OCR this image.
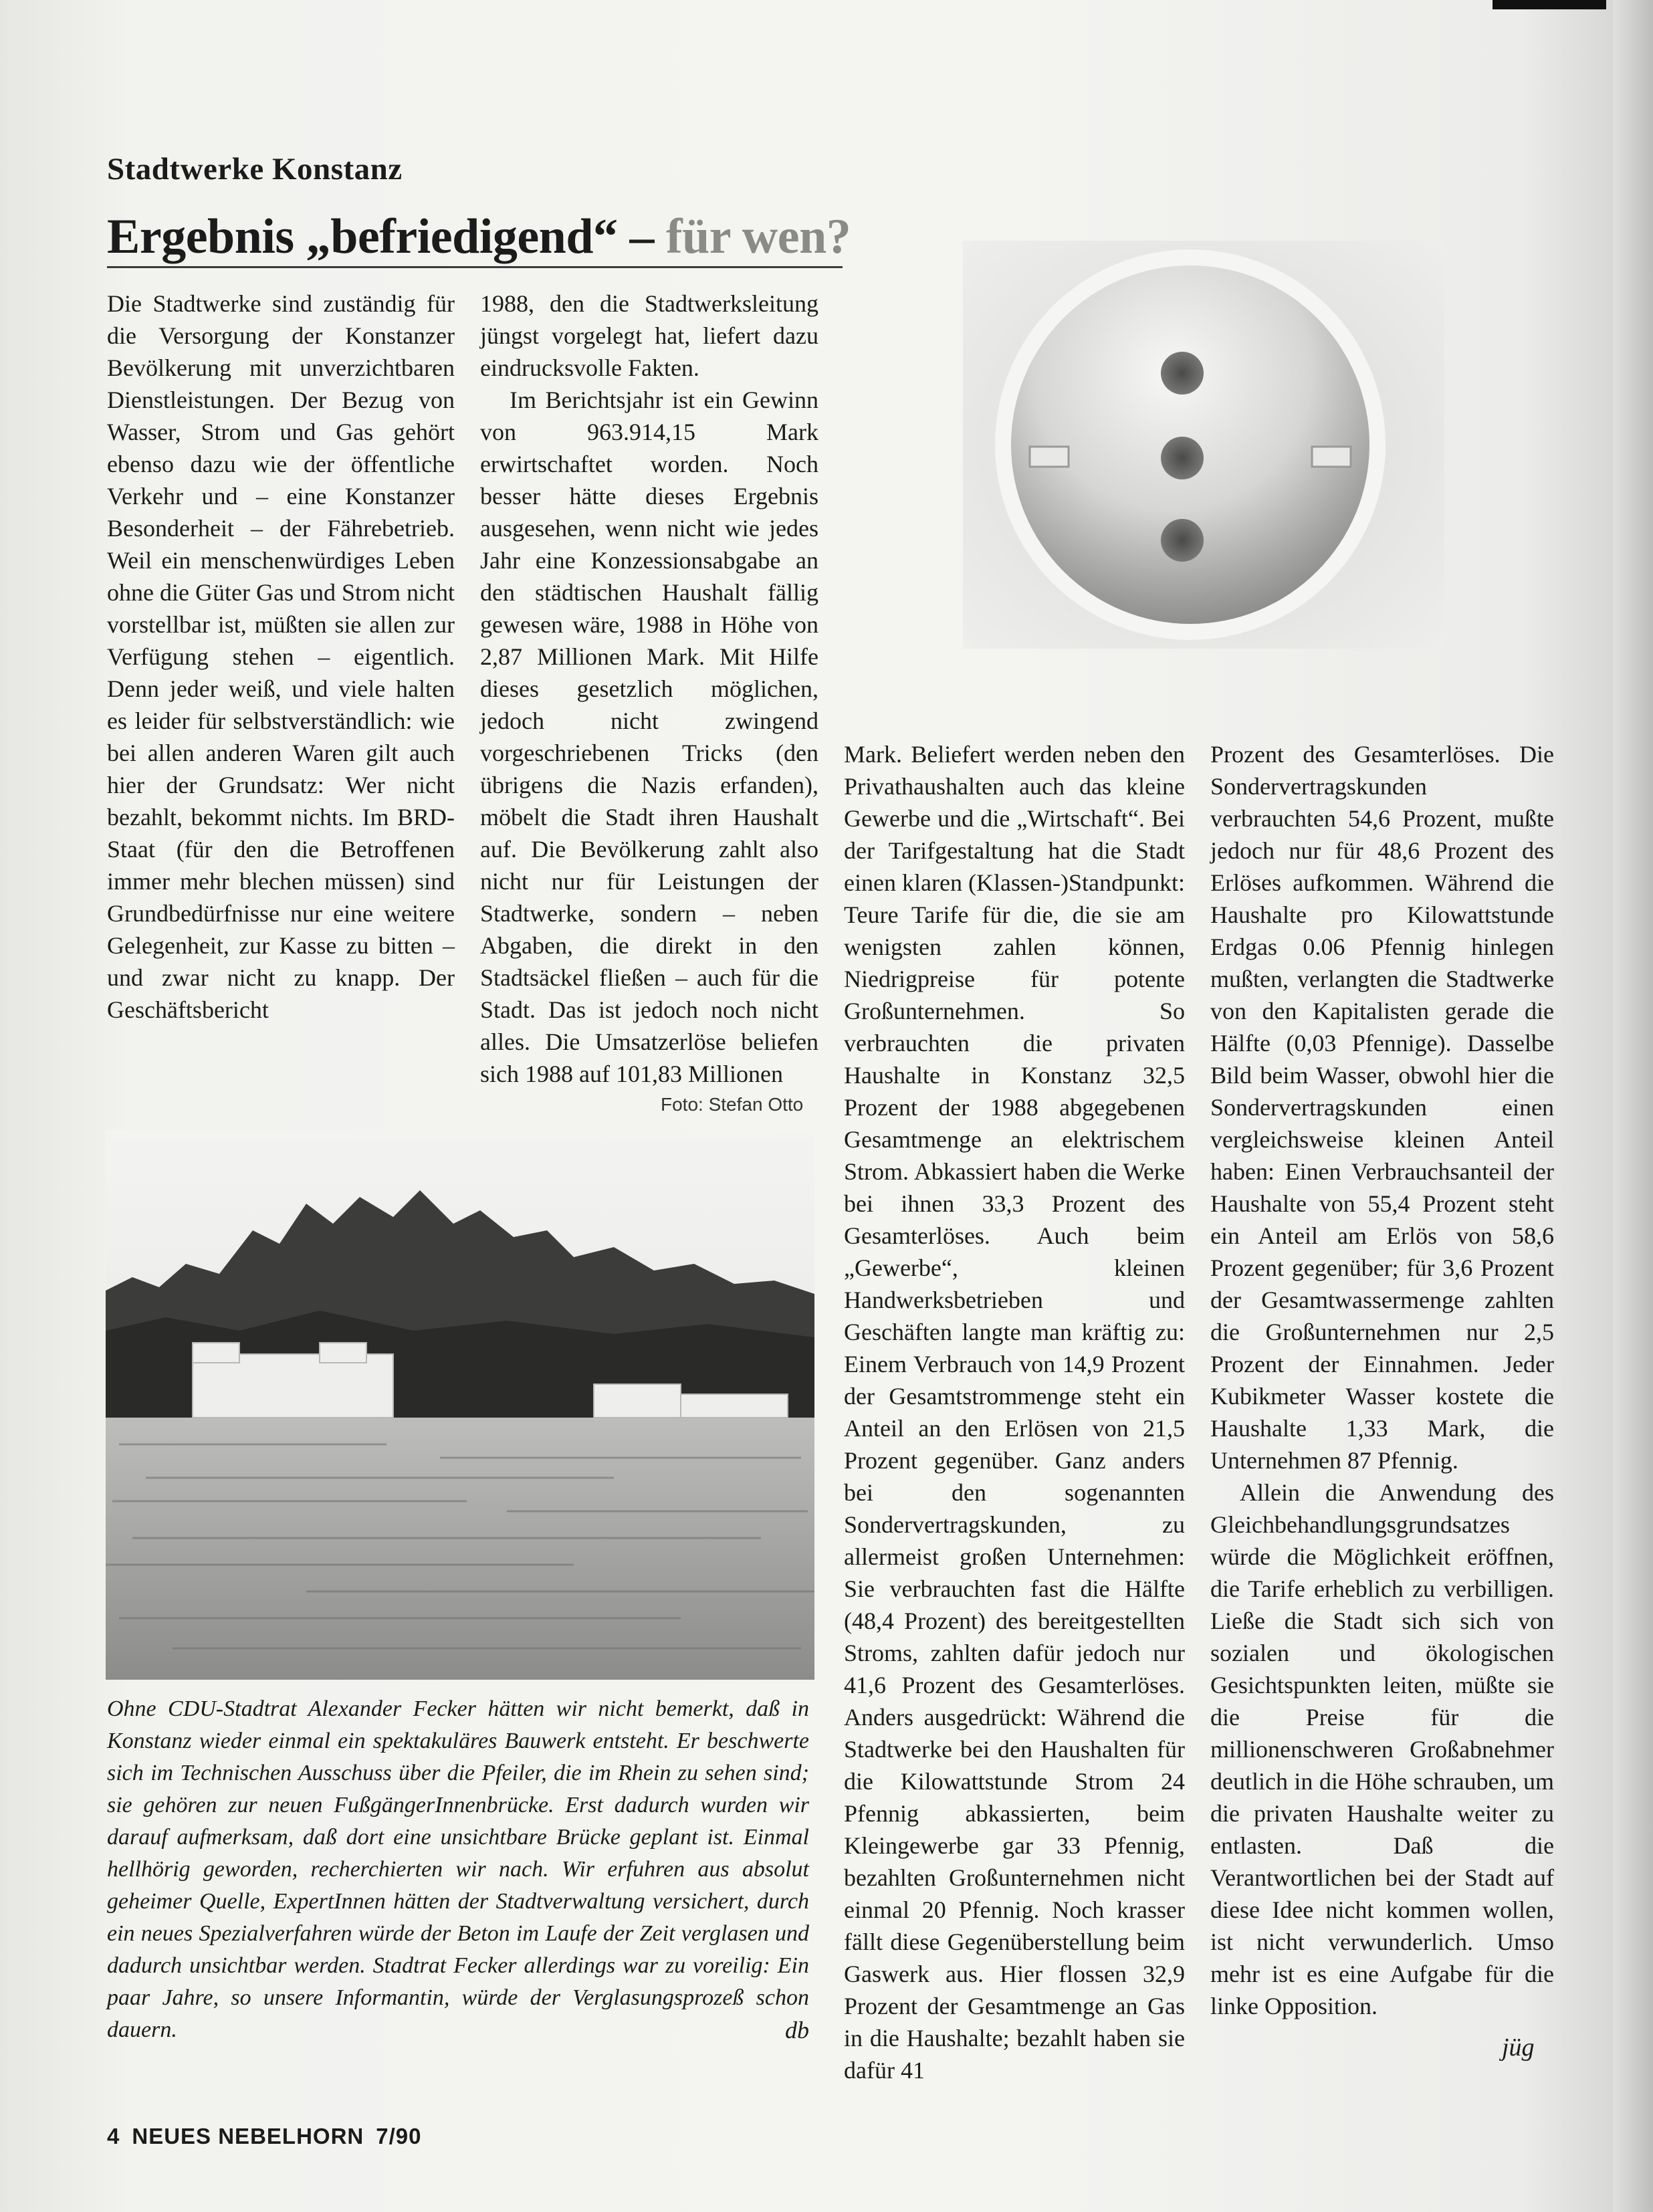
Stadtwerke Konstanz
Ergebnis „befriedigend“ – für wen?

Die Stadtwerke sind zuständig für die Versorgung der Konstanzer Bevölkerung mit unverzichtbaren Dienstleistungen. Der Bezug von Wasser, Strom und Gas gehört ebenso dazu wie der öffentliche Verkehr und – eine Konstanzer Besonderheit – der Fährebetrieb. Weil ein menschenwürdiges Leben ohne die Güter Gas und Strom nicht vorstellbar ist, müßten sie allen zur Verfügung stehen – eigentlich. Denn jeder weiß, und viele halten es leider für selbstverständlich: wie bei allen anderen Waren gilt auch hier der Grundsatz: Wer nicht bezahlt, bekommt nichts. Im BRD-Staat (für den die Betroffenen immer mehr blechen müssen) sind Grundbedürfnisse nur eine weitere Gelegenheit, zur Kasse zu bitten – und zwar nicht zu knapp. Der Geschäftsbericht

1988, den die Stadtwerksleitung jüngst vorgelegt hat, liefert dazu eindrucksvolle Fakten.

Im Berichtsjahr ist ein Gewinn von 963.914,15 Mark erwirtschaftet worden. Noch besser hätte dieses Ergebnis ausgesehen, wenn nicht wie jedes Jahr eine Konzessionsabgabe an den städtischen Haushalt fällig gewesen wäre, 1988 in Höhe von 2,87 Millionen Mark. Mit Hilfe dieses gesetzlich möglichen, jedoch nicht zwingend vorgeschriebenen Tricks (den übrigens die Nazis erfanden), möbelt die Stadt ihren Haushalt auf. Die Bevölkerung zahlt also nicht nur für Leistungen der Stadtwerke, sondern – neben Abgaben, die direkt in den Stadtsäckel fließen – auch für die Stadt. Das ist jedoch noch nicht alles. Die Umsatzerlöse beliefen sich 1988 auf 101,83 Millionen

Foto: Stefan Otto
Ohne CDU-Stadtrat Alexander Fecker hätten wir nicht bemerkt, daß in Konstanz wieder einmal ein spektakuläres Bauwerk entsteht. Er beschwerte sich im Technischen Ausschuss über die Pfeiler, die im Rhein zu sehen sind; sie gehören zur neuen FußgängerInnenbrücke. Erst dadurch wurden wir darauf aufmerksam, daß dort eine unsichtbare Brücke geplant ist. Einmal hellhörig geworden, recherchierten wir nach. Wir erfuhren aus absolut geheimer Quelle, ExpertInnen hätten der Stadtverwaltung versichert, durch ein neues Spezialverfahren würde der Beton im Laufe der Zeit verglasen und dadurch unsichtbar werden. Stadtrat Fecker allerdings war zu voreilig: Ein paar Jahre, so unsere Informantin, würde der Verglasungsprozeß schon dauern.	db

Mark. Beliefert werden neben den Privathaushalten auch das kleine Gewerbe und die „Wirtschaft“. Bei der Tarifgestaltung hat die Stadt einen klaren (Klassen-)Standpunkt: Teure Tarife für die, die sie am wenigsten zahlen können, Niedrigpreise für potente Großunternehmen. So verbrauchten die privaten Haushalte in Konstanz 32,5 Prozent der 1988 abgegebenen Gesamtmenge an elektrischem Strom. Abkassiert haben die Werke bei ihnen 33,3 Prozent des Gesamterlöses. Auch beim „Gewerbe“, kleinen Handwerksbetrieben und Geschäften langte man kräftig zu: Einem Verbrauch von 14,9 Prozent der Gesamtstrommenge steht ein Anteil an den Erlösen von 21,5 Prozent gegenüber. Ganz anders bei den sogenannten Sondervertragskunden, zu allermeist großen Unternehmen: Sie verbrauchten fast die Hälfte (48,4 Prozent) des bereitgestellten Stroms, zahlten dafür jedoch nur 41,6 Prozent des Gesamterlöses. Anders ausgedrückt: Während die Stadtwerke bei den Haushalten für die Kilowattstunde Strom 24 Pfennig abkassierten, beim Kleingewerbe gar 33 Pfennig, bezahlten Großunternehmen nicht einmal 20 Pfennig. Noch krasser fällt diese Gegenüberstellung beim Gaswerk aus. Hier flossen 32,9 Prozent der Gesamtmenge an Gas in die Haushalte; bezahlt haben sie dafür 41

Prozent des Gesamterlöses. Die Sondervertragskunden verbrauchten 54,6 Prozent, mußte jedoch nur für 48,6 Prozent des Erlöses aufkommen. Während die Haushalte pro Kilowattstunde Erdgas 0.06 Pfennig hinlegen mußten, verlangten die Stadtwerke von den Kapitalisten gerade die Hälfte (0,03 Pfennige). Dasselbe Bild beim Wasser, obwohl hier die Sondervertragskunden einen vergleichsweise kleinen Anteil haben: Einen Verbrauchsanteil der Haushalte von 55,4 Prozent steht ein Anteil am Erlös von 58,6 Prozent gegenüber; für 3,6 Prozent der Gesamtwassermenge zahlten die Großunternehmen nur 2,5 Prozent der Einnahmen. Jeder Kubikmeter Wasser kostete die Haushalte 1,33 Mark, die Unternehmen 87 Pfennig.

Allein die Anwendung des Gleichbehandlungsgrundsatzes würde die Möglichkeit eröffnen, die Tarife erheblich zu verbilligen. Ließe die Stadt sich sich von sozialen und ökologischen Gesichtspunkten leiten, müßte sie die Preise für die millionenschweren Großabnehmer deutlich in die Höhe schrauben, um die privaten Haushalte weiter zu entlasten. Daß die Verantwortlichen bei der Stadt auf diese Idee nicht kommen wollen, ist nicht verwunderlich. Umso mehr ist es eine Aufgabe für die linke Opposition.

jüg
4 NEUES NEBELHORN 7/90
